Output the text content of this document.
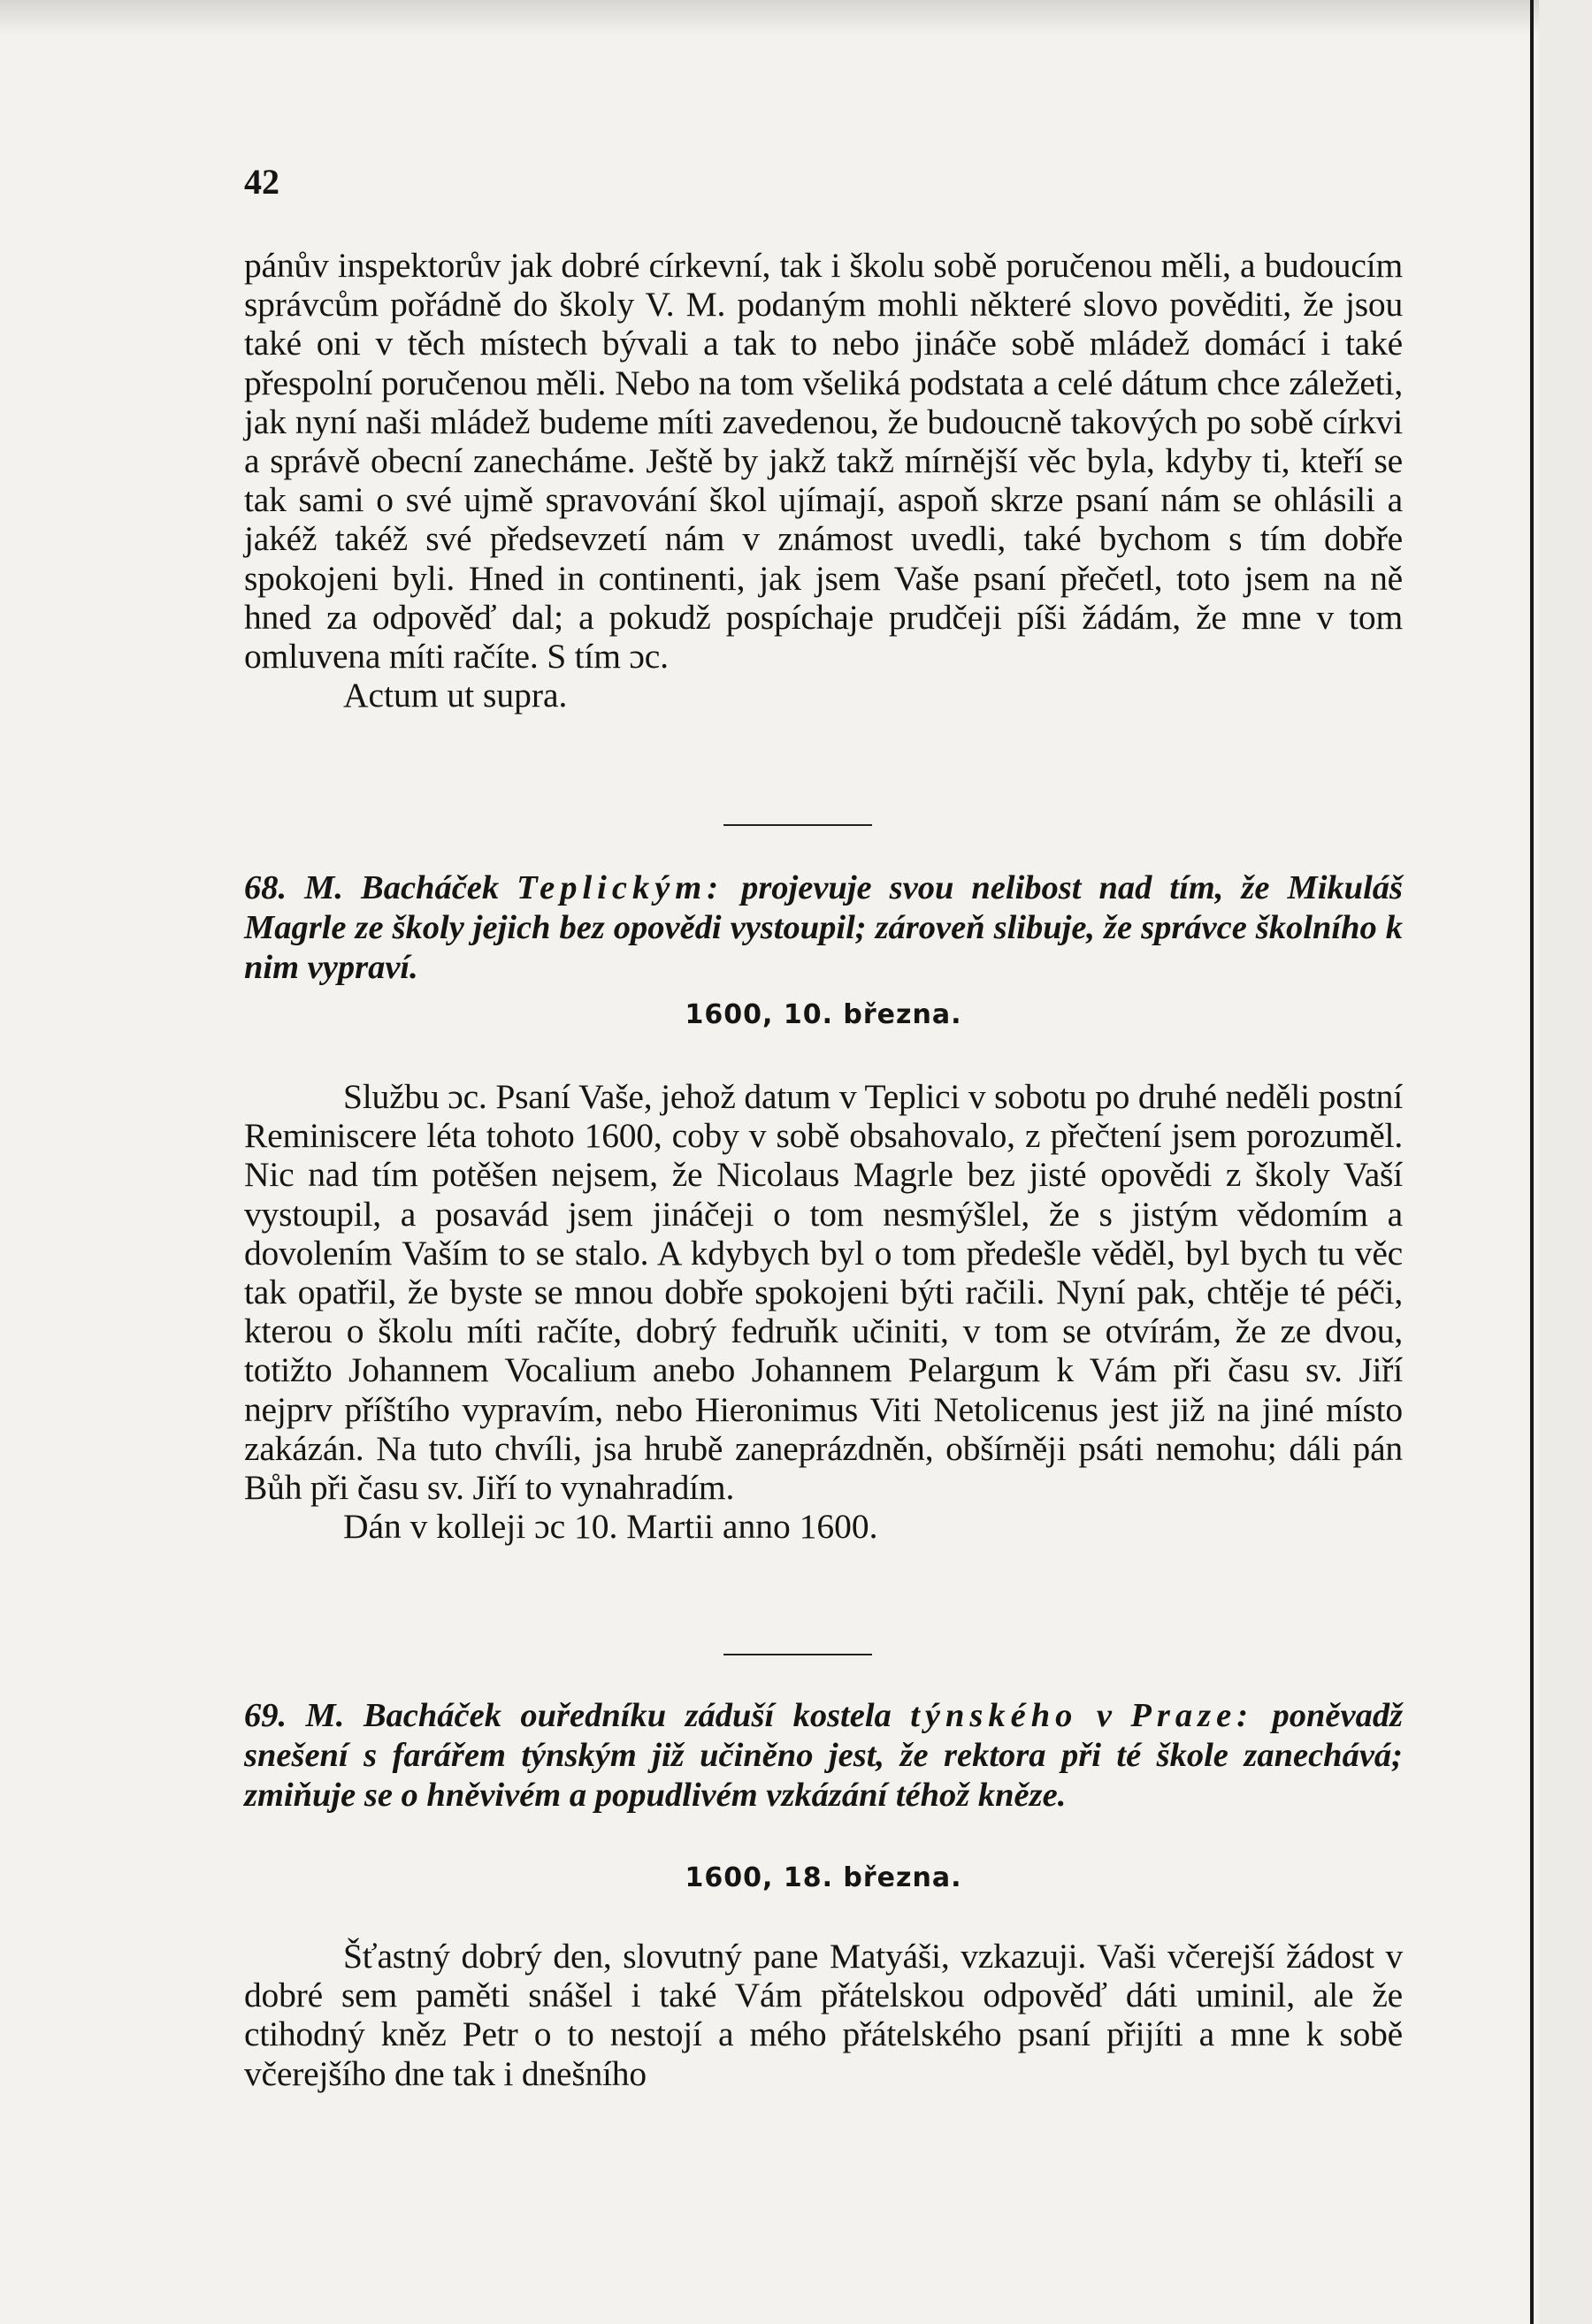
42

pánův inspektorův jak dobré církevní, tak i školu sobě poručenou měli, a budoucím správcům pořádně do školy V. M. podaným mohli některé slovo pověditi, že jsou také oni v těch místech bývali a tak to nebo jináče sobě mládež domácí i také přespolní poručenou měli. Nebo na tom všeliká podstata a celé dátum chce záležeti, jak nyní naši mládež budeme míti zavedenou, že budoucně takových po sobě církvi a správě obecní zanecháme. Ještě by jakž takž mírnější věc byla, kdyby ti, kteří se tak sami o své ujmě spravování škol ujímají, aspoň skrze psaní nám se ohlásili a jakéž takéž své předsevzetí nám v známost uvedli, také bychom s tím dobře spokojeni byli. Hned in continenti, jak jsem Vaše psaní přečetl, toto jsem na ně hned za odpověď dal; a pokudž pospíchaje prudčeji píši žádám, že mne v tom omluvena míti račíte. S tím ɔc.

Actum ut supra.

68. M. Bacháček Teplickým: projevuje svou nelibost nad tím, že Mikuláš Magrle ze školy jejich bez opovědi vystoupil; zároveň slibuje, že správce školního k nim vypraví.

1600, 10. března.

Službu ɔc. Psaní Vaše, jehož datum v Teplici v sobotu po druhé neděli postní Reminiscere léta tohoto 1600, coby v sobě obsahovalo, z přečtení jsem porozuměl. Nic nad tím potěšen nejsem, že Nicolaus Magrle bez jisté opovědi z školy Vaší vystoupil, a posavád jsem jináčeji o tom nesmýšlel, že s jistým vědomím a dovolením Vaším to se stalo. A kdybych byl o tom předešle věděl, byl bych tu věc tak opatřil, že byste se mnou dobře spokojeni býti račili. Nyní pak, chtěje té péči, kterou o školu míti račíte, dobrý fedruňk učiniti, v tom se otvírám, že ze dvou, totižto Johannem Vocalium anebo Johannem Pelargum k Vám při času sv. Jiří nejprv příštího vypravím, nebo Hieronimus Viti Netolicenus jest již na jiné místo zakázán. Na tuto chvíli, jsa hrubě zaneprázdněn, obšírněji psáti nemohu; dáli pán Bůh při času sv. Jiří to vynahradím.

Dán v kolleji ɔc 10. Martii anno 1600.

69. M. Bacháček ouředníku záduší kostela týnského v Praze: poněvadž snešení s farářem týnským již učiněno jest, že rektora při té škole zanechává; zmiňuje se o hněvivém a popudlivém vzkázání téhož kněze.

1600, 18. března.

Šťastný dobrý den, slovutný pane Matyáši, vzkazuji. Vaši včerejší žádost v dobré sem paměti snášel i také Vám přátelskou odpověď dáti uminil, ale že ctihodný kněz Petr o to nestojí a mého přátelského psaní přijíti a mne k sobě včerejšího dne tak i dnešního
